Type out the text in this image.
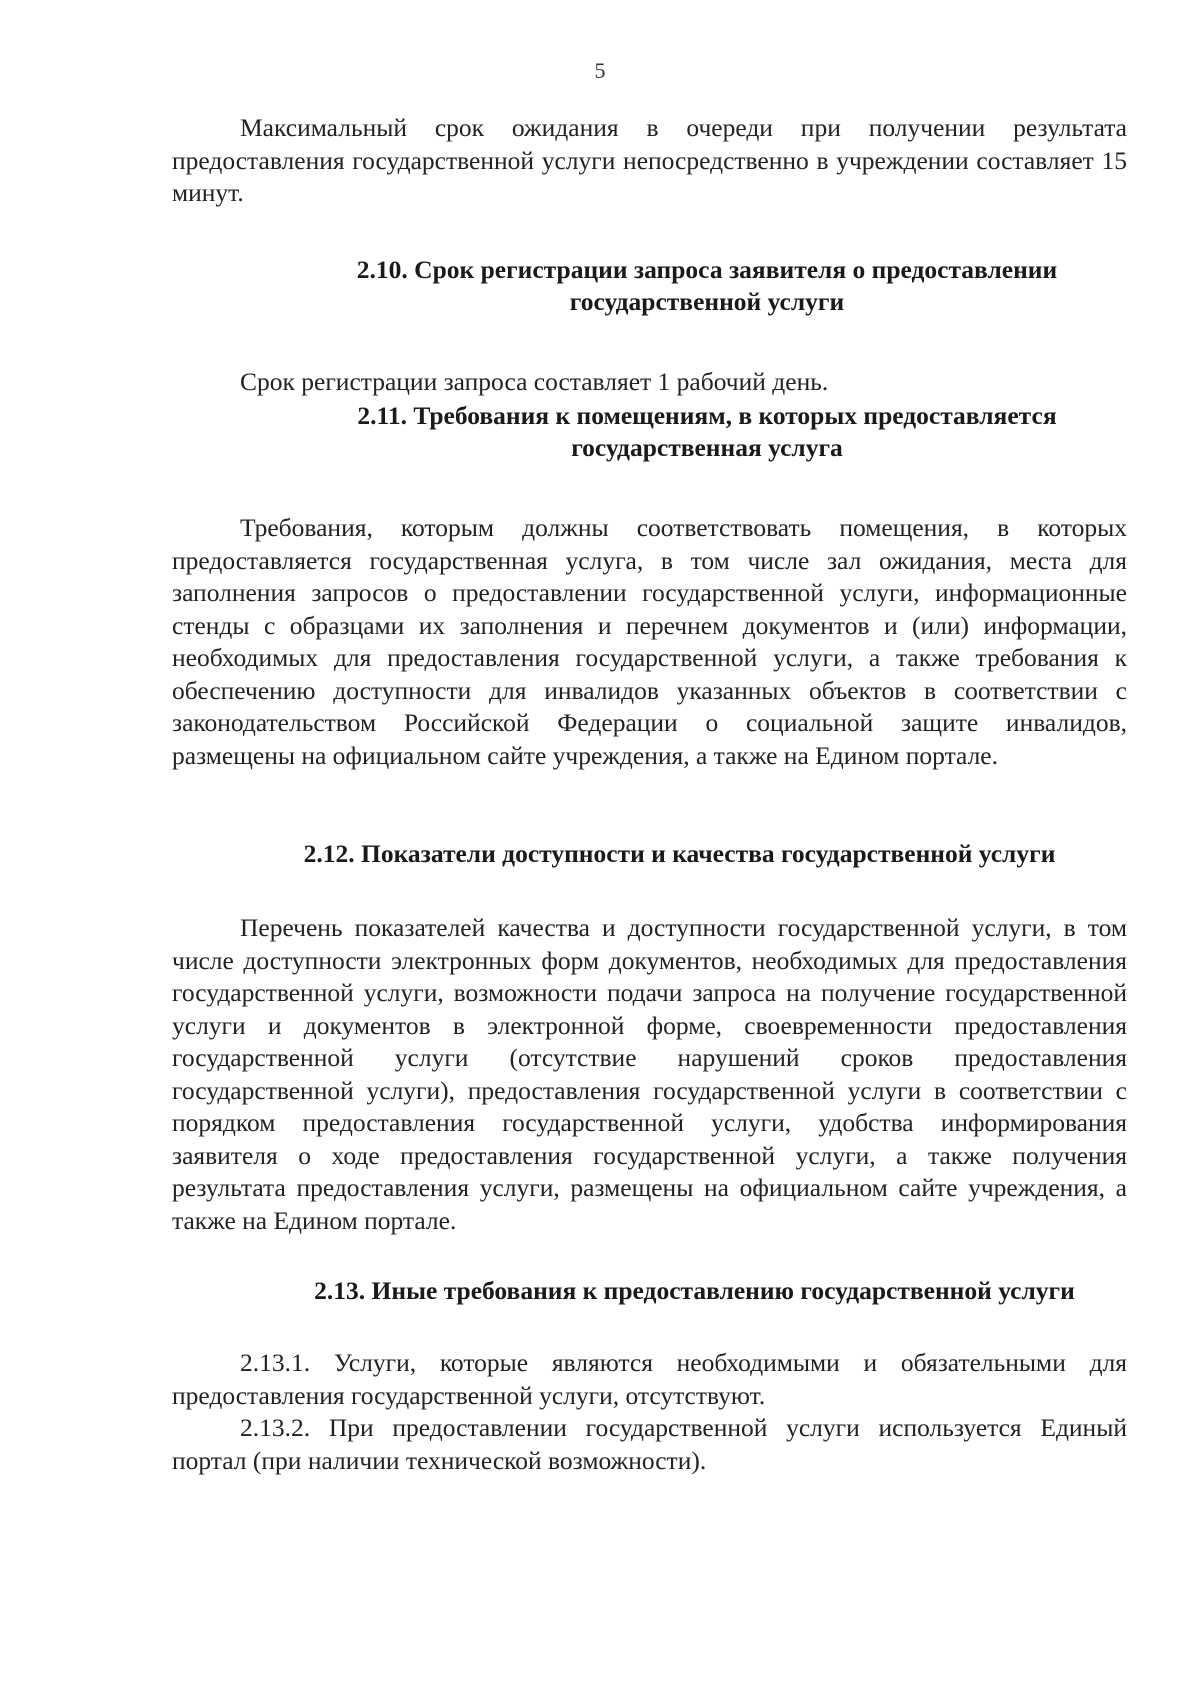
5

Максимальный срок ожидания в очереди при получении результата предоставления государственной услуги непосредственно в учреждении составляет 15 минут.

2.10. Срок регистрации запроса заявителя о предоставлении государственной услуги

Срок регистрации запроса составляет 1 рабочий день.

2.11. Требования к помещениям, в которых предоставляется государственная услуга

Требования, которым должны соответствовать помещения, в которых предоставляется государственная услуга, в том числе зал ожидания, места для заполнения запросов о предоставлении государственной услуги, информационные стенды с образцами их заполнения и перечнем документов и (или) информации, необходимых для предоставления государственной услуги, а также требования к обеспечению доступности для инвалидов указанных объектов в соответствии с законодательством Российской Федерации о социальной защите инвалидов, размещены на официальном сайте учреждения, а также на Едином портале.

2.12. Показатели доступности и качества государственной услуги

Перечень показателей качества и доступности государственной услуги, в том числе доступности электронных форм документов, необходимых для предоставления государственной услуги, возможности подачи запроса на получение государственной услуги и документов в электронной форме, своевременности предоставления государственной услуги (отсутствие нарушений сроков предоставления государственной услуги), предоставления государственной услуги в соответствии с порядком предоставления государственной услуги, удобства информирования заявителя о ходе предоставления государственной услуги, а также получения результата предоставления услуги, размещены на официальном сайте учреждения, а также на Едином портале.

2.13. Иные требования к предоставлению государственной услуги

2.13.1. Услуги, которые являются необходимыми и обязательными для предоставления государственной услуги, отсутствуют.

2.13.2. При предоставлении государственной услуги используется Единый портал (при наличии технической возможности).
